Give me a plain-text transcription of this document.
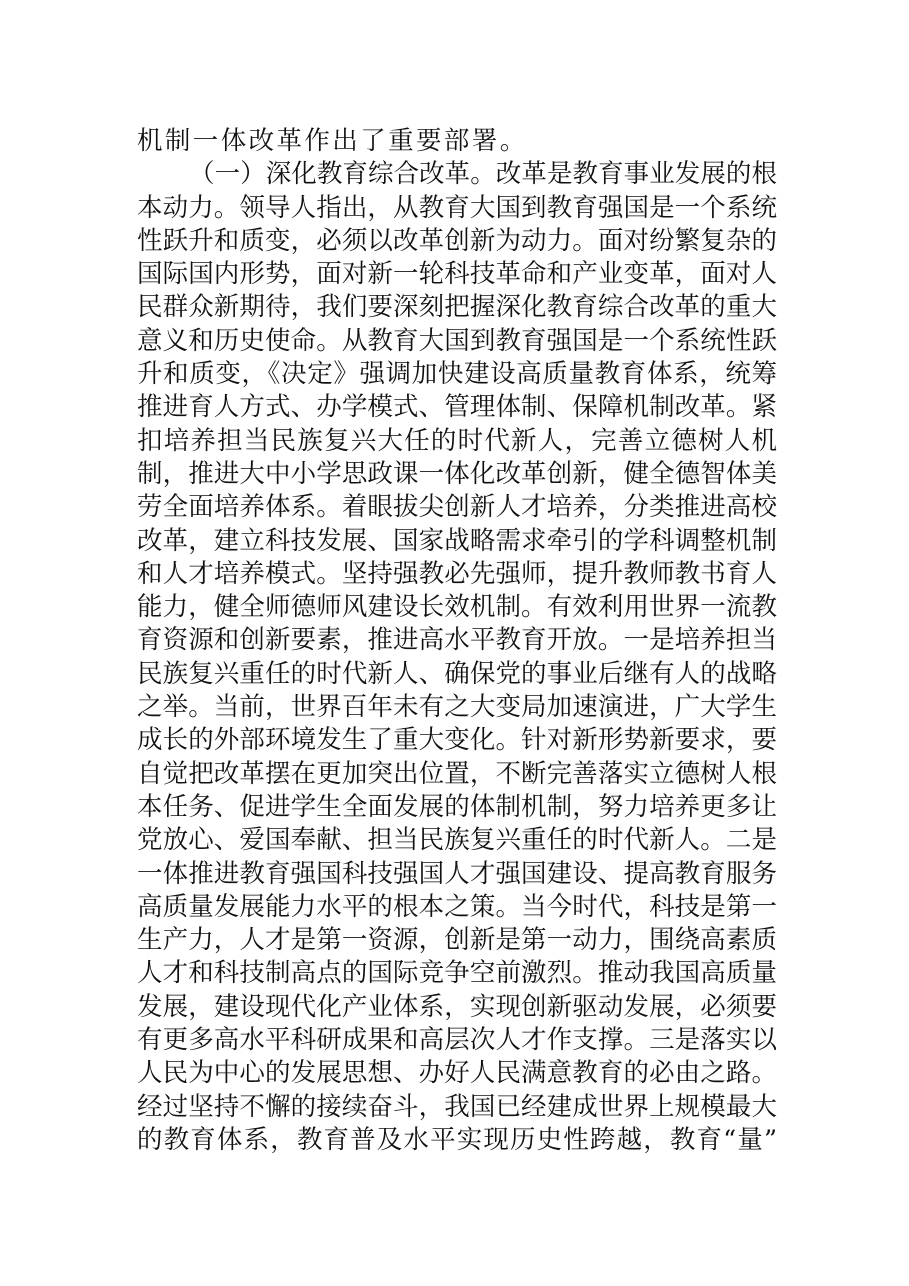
机制一体改革作出了重要部署。
（一）深化教育综合改革。改革是教育事业发展的根
本动力。领导人指出，从教育大国到教育强国是一个系统
性跃升和质变，必须以改革创新为动力。面对纷繁复杂的
国际国内形势，面对新一轮科技革命和产业变革，面对人
民群众新期待，我们要深刻把握深化教育综合改革的重大
意义和历史使命。从教育大国到教育强国是一个系统性跃
升和质变，《决定》强调加快建设高质量教育体系，统筹
推进育人方式、办学模式、管理体制、保障机制改革。紧
扣培养担当民族复兴大任的时代新人，完善立德树人机
制，推进大中小学思政课一体化改革创新，健全德智体美
劳全面培养体系。着眼拔尖创新人才培养，分类推进高校
改革，建立科技发展、国家战略需求牵引的学科调整机制
和人才培养模式。坚持强教必先强师，提升教师教书育人
能力，健全师德师风建设长效机制。有效利用世界一流教
育资源和创新要素，推进高水平教育开放。一是培养担当
民族复兴重任的时代新人、确保党的事业后继有人的战略
之举。当前，世界百年未有之大变局加速演进，广大学生
成长的外部环境发生了重大变化。针对新形势新要求，要
自觉把改革摆在更加突出位置，不断完善落实立德树人根
本任务、促进学生全面发展的体制机制，努力培养更多让
党放心、爱国奉献、担当民族复兴重任的时代新人。二是
一体推进教育强国科技强国人才强国建设、提高教育服务
高质量发展能力水平的根本之策。当今时代，科技是第一
生产力，人才是第一资源，创新是第一动力，围绕高素质
人才和科技制高点的国际竞争空前激烈。推动我国高质量
发展，建设现代化产业体系，实现创新驱动发展，必须要
有更多高水平科研成果和高层次人才作支撑。三是落实以
人民为中心的发展思想、办好人民满意教育的必由之路。
经过坚持不懈的接续奋斗，我国已经建成世界上规模最大
的教育体系，教育普及水平实现历史性跨越，教育“量”
